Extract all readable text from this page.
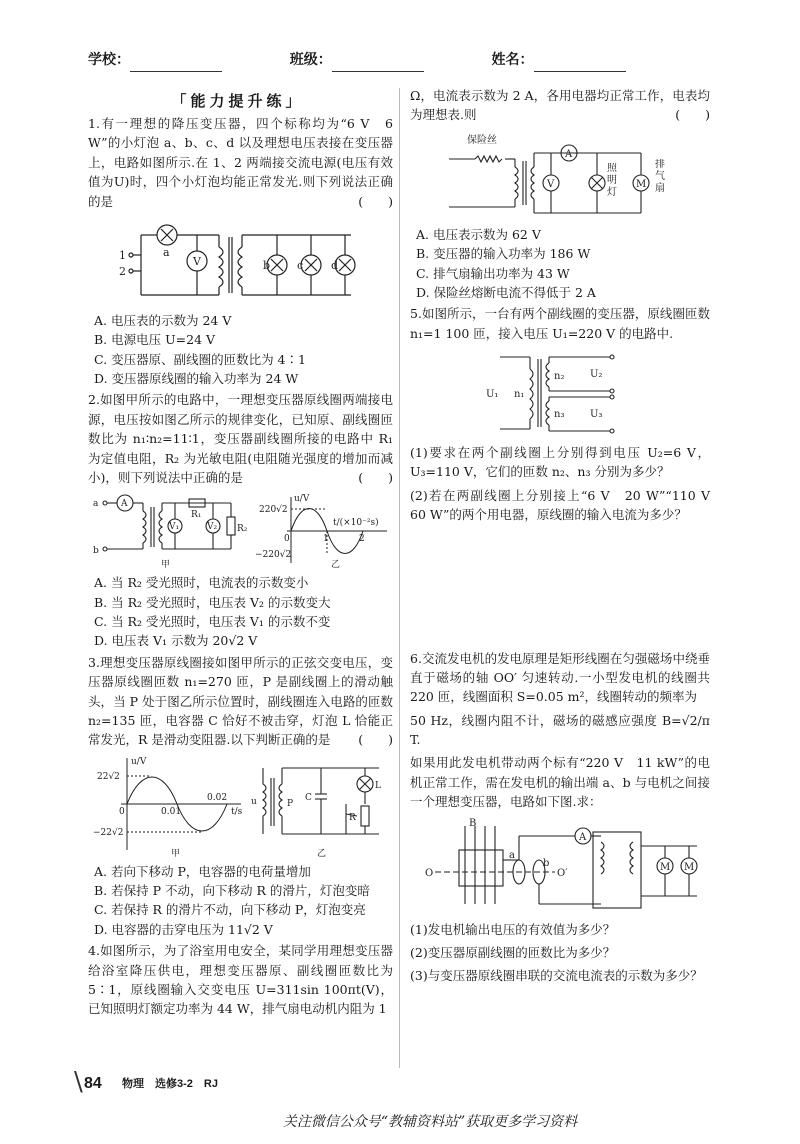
学校：	班级：	姓名：
「能力提升练」

1.有一理想的降压变压器，四个标称均为“6 V　6 W”的小灯泡 a、b、c、d 以及理想电压表接在变压器上，电路如图所示.在 1、2 两端接交流电源(电压有效值为U)时，四个小灯泡均能正常发光.则下列说法正确的是	(　　)

a
V	b c	d
1
2

A. 电压表的示数为 24 V

B. 电源电压 U=24 V

C. 变压器原、副线圈的匝数比为 4∶1

D. 变压器原线圈的输入功率为 24 W

2.如图甲所示的电路中，一理想变压器原线圈两端接电源，电压按如图乙所示的规律变化，已知原、副线圈匝数比为 n₁∶n₂=11∶1，变压器副线圈所接的电路中 R₁ 为定值电阻，R₂ 为光敏电阻(电阻随光强度的增加而减小)，则下列说法中正确的是	(　　)

a
b
A
V₁	V₂
R₁
R₂
u/V
220√2
−220√2
0	1	2
t/(×10⁻²s)
甲	乙

A. 当 R₂ 受光照时，电流表的示数变小

B. 当 R₂ 受光照时，电压表 V₂ 的示数变大

C. 当 R₂ 受光照时，电压表 V₁ 的示数不变

D. 电压表 V₁ 示数为 20√2 V

3.理想变压器原线圈接如图甲所示的正弦交变电压，变压器原线圈匝数 n₁=270 匝，P 是副线圈上的滑动触头，当 P 处于图乙所示位置时，副线圈连入电路的匝数 n₂=135 匝，电容器 C 恰好不被击穿，灯泡 L 恰能正常发光，R 是滑动变阻器.以下判断正确的是 (　　)

u/V
22√2
−22√2
0	0.01
0.02
t/s
u	P
C
L
R
甲	乙

A. 若向下移动 P，电容器的电荷量增加

B. 若保持 P 不动，向下移动 R 的滑片，灯泡变暗

C. 若保持 R 的滑片不动，向下移动 P，灯泡变亮

D. 电容器的击穿电压为 11√2 V

4.如图所示，为了浴室用电安全，某同学用理想变压器给浴室降压供电，理想变压器原、副线圈匝数比为 5∶1，原线圈输入交变电压 U=311sin 100πt(V)，已知照明灯额定功率为 44 W，排气扇电动机内阻为 1

Ω，电流表示数为 2 A，各用电器均正常工作，电表均为理想表.则	(　　)

保险丝
A
V	M
照明灯
排气扇

A. 电压表示数为 62 V

B. 变压器的输入功率为 186 W

C. 排气扇输出功率为 43 W

D. 保险丝熔断电流不得低于 2 A

5.如图所示，一台有两个副线圈的变压器，原线圈匝数 n₁=1 100 匝，接入电压 U₁=220 V 的电路中.

U₁ n₁
n₂
n₃
U₂
U₃

(1)要求在两个副线圈上分别得到电压 U₂=6 V，U₃=110 V，它们的匝数 n₂、n₃ 分别为多少？

(2)若在两副线圈上分别接上“6 V　20 W”“110 V　60 W”的两个用电器，原线圈的输入电流为多少？

6.交流发电机的发电原理是矩形线圈在匀强磁场中绕垂直于磁场的轴 OO′ 匀速转动.一小型发电机的线圈共 220 匝，线圈面积 S=0.05 m²，线圈转动的频率为

50 Hz，线圈内阻不计，磁场的磁感应强度 B=√2/π T.

如果用此发电机带动两个标有“220 V　11 kW”的电机正常工作，需在发电机的输出端 a、b 与电机之间接一个理想变压器，电路如下图.求：

B
O	O′
a
b
A
M M

(1)发电机输出电压的有效值为多少？

(2)变压器原副线圈的匝数比为多少？

(3)与变压器原线圈串联的交流电流表的示数为多少？

\ 84 物理　选修3-2　RJ
关注微信公众号“教辅资料站”获取更多学习资料
